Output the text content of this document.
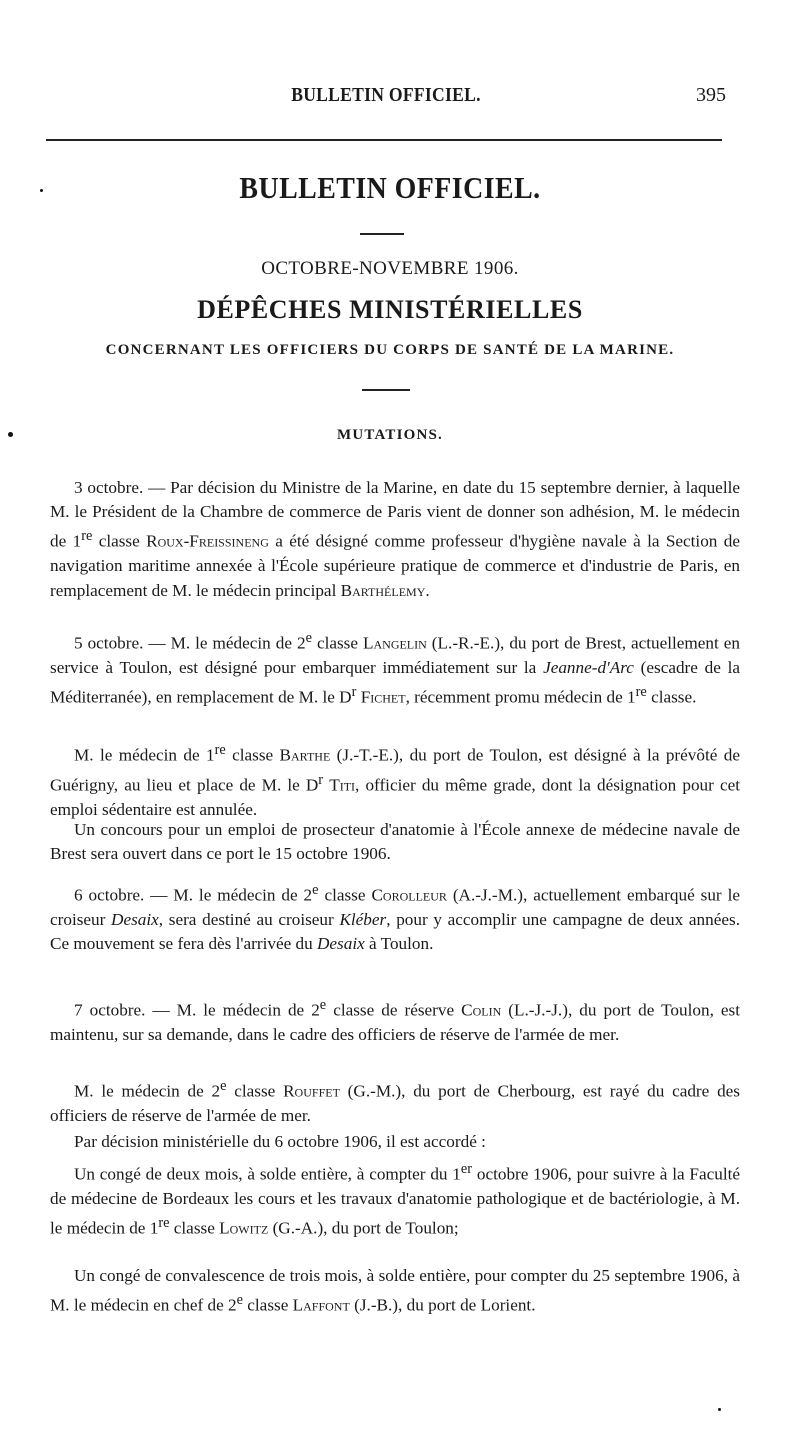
BULLETIN OFFICIEL.	395
BULLETIN OFFICIEL.
OCTOBRE-NOVEMBRE 1906.
DÉPÊCHES MINISTÉRIELLES
CONCERNANT LES OFFICIERS DU CORPS DE SANTÉ DE LA MARINE.
MUTATIONS.
3 octobre. — Par décision du Ministre de la Marine, en date du 15 septembre dernier, à laquelle M. le Président de la Chambre de commerce de Paris vient de donner son adhésion, M. le médecin de 1re classe Roux-Freissineng a été désigné comme professeur d'hygiène navale à la Section de navigation maritime annexée à l'École supérieure pratique de commerce et d'industrie de Paris, en remplacement de M. le médecin principal Barthélemy.
5 octobre. — M. le médecin de 2e classe Langelin (L.-R.-E.), du port de Brest, actuellement en service à Toulon, est désigné pour embarquer immédiatement sur la Jeanne-d'Arc (escadre de la Méditerranée), en remplacement de M. le $D^r$ Fichet, récemment promu médecin de 1re classe.
M. le médecin de 1re classe Barthe (J.-T.-E.), du port de Toulon, est désigné à la prévôté de Guérigny, au lieu et place de M. le $D^r$ Titi, officier du même grade, dont la désignation pour cet emploi sédentaire est annulée.
Un concours pour un emploi de prosecteur d'anatomie à l'École annexe de médecine navale de Brest sera ouvert dans ce port le 15 octobre 1906.
6 octobre. — M. le médecin de 2e classe Corolleur (A.-J.-M.), actuellement embarqué sur le croiseur Desaix, sera destiné au croiseur Kléber, pour y accomplir une campagne de deux années. Ce mouvement se fera dès l'arrivée du Desaix à Toulon.
7 octobre. — M. le médecin de 2e classe de réserve Colin (L.-J.-J.), du port de Toulon, est maintenu, sur sa demande, dans le cadre des officiers de réserve de l'armée de mer.
M. le médecin de 2e classe Rouffet (G.-M.), du port de Cherbourg, est rayé du cadre des officiers de réserve de l'armée de mer.
Par décision ministérielle du 6 octobre 1906, il est accordé :
Un congé de deux mois, à solde entière, à compter du 1er octobre 1906, pour suivre à la Faculté de médecine de Bordeaux les cours et les travaux d'anatomie pathologique et de bactériologie, à M. le médecin de 1re classe Lowitz (G.-A.), du port de Toulon;
Un congé de convalescence de trois mois, à solde entière, pour compter du 25 septembre 1906, à M. le médecin en chef de 2e classe Laffont (J.-B.), du port de Lorient.
